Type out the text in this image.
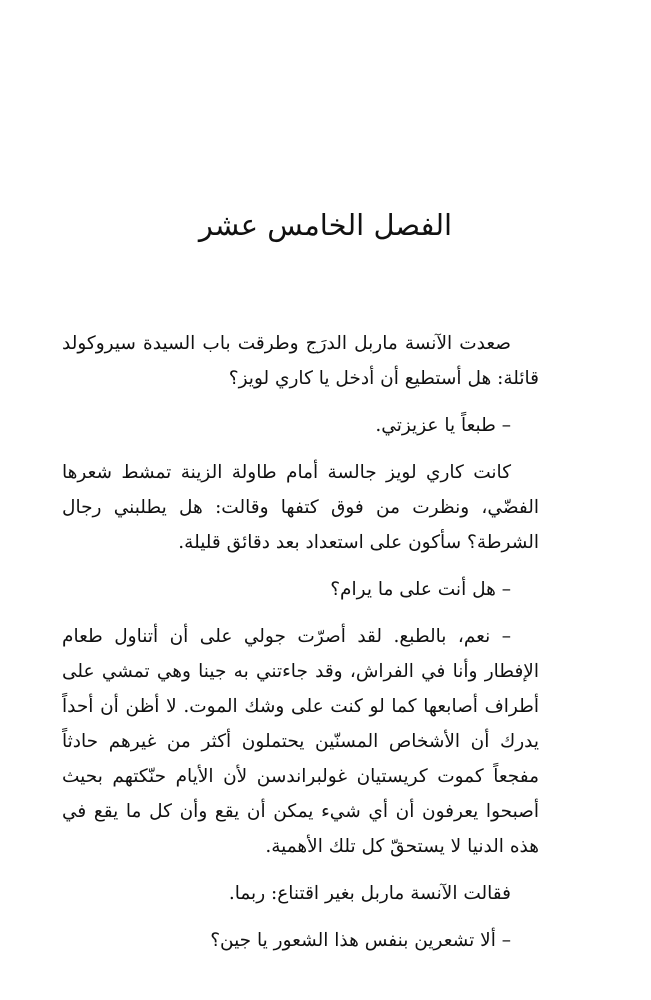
الفصل الخامس عشر

صعدت الآنسة ماربل الدرَج وطرقت باب السيدة سيروكولد قائلة: هل أستطيع أن أدخل يا كاري لويز؟

– طبعاً يا عزيزتي.

كانت كاري لويز جالسة أمام طاولة الزينة تمشط شعرها الفضّي، ونظرت من فوق كتفها وقالت: هل يطلبني رجال الشرطة؟ سأكون على استعداد بعد دقائق قليلة.

– هل أنت على ما يرام؟

– نعم، بالطبع. لقد أصرّت جولي على أن أتناول طعام الإفطار وأنا في الفراش، وقد جاءتني به جينا وهي تمشي على أطراف أصابعها كما لو كنت على وشك الموت. لا أظن أن أحداً يدرك أن الأشخاص المسنّين يحتملون أكثر من غيرهم حادثاً مفجعاً كموت كريستيان غولبراندسن لأن الأيام حنّكتهم بحيث أصبحوا يعرفون أن أي شيء يمكن أن يقع وأن كل ما يقع في هذه الدنيا لا يستحقّ كل تلك الأهمية.

فقالت الآنسة ماربل بغير اقتناع: ربما.

– ألا تشعرين بنفس هذا الشعور يا جين؟
